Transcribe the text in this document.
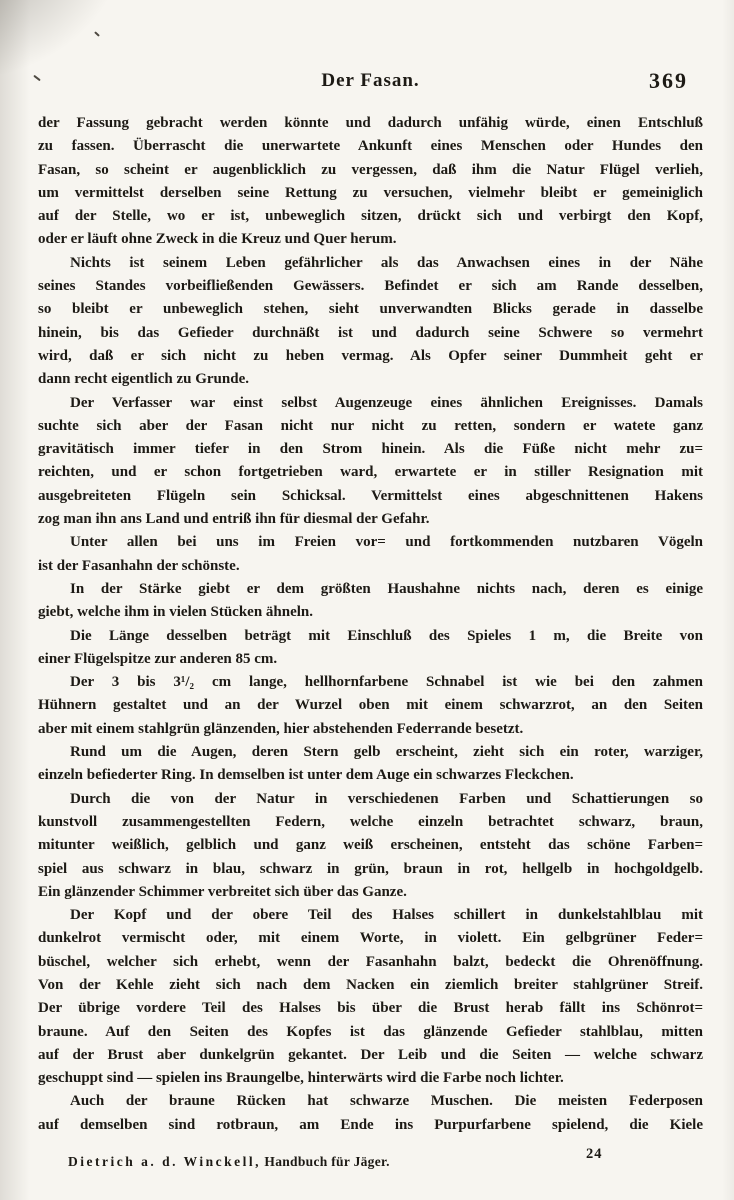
Der Fasan.	369
der Fassung gebracht werden könnte und dadurch unfähig würde, einen Entschluß
zu fassen. Überrascht die unerwartete Ankunft eines Menschen oder Hundes den
Fasan, so scheint er augenblicklich zu vergessen, daß ihm die Natur Flügel verlieh,
um vermittelst derselben seine Rettung zu versuchen, vielmehr bleibt er gemeiniglich
auf der Stelle, wo er ist, unbeweglich sitzen, drückt sich und verbirgt den Kopf,
oder er läuft ohne Zweck in die Kreuz und Quer herum.
Nichts ist seinem Leben gefährlicher als das Anwachsen eines in der Nähe
seines Standes vorbeifließenden Gewässers. Befindet er sich am Rande desselben,
so bleibt er unbeweglich stehen, sieht unverwandten Blicks gerade in dasselbe
hinein, bis das Gefieder durchnäßt ist und dadurch seine Schwere so vermehrt
wird, daß er sich nicht zu heben vermag. Als Opfer seiner Dummheit geht er
dann recht eigentlich zu Grunde.
Der Verfasser war einst selbst Augenzeuge eines ähnlichen Ereignisses. Damals
suchte sich aber der Fasan nicht nur nicht zu retten, sondern er watete ganz
gravitätisch immer tiefer in den Strom hinein. Als die Füße nicht mehr zu=
reichten, und er schon fortgetrieben ward, erwartete er in stiller Resignation mit
ausgebreiteten Flügeln sein Schicksal. Vermittelst eines abgeschnittenen Hakens
zog man ihn ans Land und entriß ihn für diesmal der Gefahr.
Unter allen bei uns im Freien vor= und fortkommenden nutzbaren Vögeln
ist der Fasanhahn der schönste.
In der Stärke giebt er dem größten Haushahne nichts nach, deren es einige
giebt, welche ihm in vielen Stücken ähneln.
Die Länge desselben beträgt mit Einschluß des Spieles 1 m, die Breite von
einer Flügelspitze zur anderen 85 cm.
Der 3 bis 3¹/₂ cm lange, hellhornfarbene Schnabel ist wie bei den zahmen
Hühnern gestaltet und an der Wurzel oben mit einem schwarzrot, an den Seiten
aber mit einem stahlgrün glänzenden, hier abstehenden Federrande besetzt.
Rund um die Augen, deren Stern gelb erscheint, zieht sich ein roter, warziger,
einzeln befiederter Ring. In demselben ist unter dem Auge ein schwarzes Fleckchen.
Durch die von der Natur in verschiedenen Farben und Schattierungen so
kunstvoll zusammengestellten Federn, welche einzeln betrachtet schwarz, braun,
mitunter weißlich, gelblich und ganz weiß erscheinen, entsteht das schöne Farben=
spiel aus schwarz in blau, schwarz in grün, braun in rot, hellgelb in hochgoldgelb.
Ein glänzender Schimmer verbreitet sich über das Ganze.
Der Kopf und der obere Teil des Halses schillert in dunkelstahlblau mit
dunkelrot vermischt oder, mit einem Worte, in violett. Ein gelbgrüner Feder=
büschel, welcher sich erhebt, wenn der Fasanhahn balzt, bedeckt die Ohrenöffnung.
Von der Kehle zieht sich nach dem Nacken ein ziemlich breiter stahlgrüner Streif.
Der übrige vordere Teil des Halses bis über die Brust herab fällt ins Schönrot=
braune. Auf den Seiten des Kopfes ist das glänzende Gefieder stahlblau, mitten
auf der Brust aber dunkelgrün gekantet. Der Leib und die Seiten — welche schwarz
geschuppt sind — spielen ins Braungelbe, hinterwärts wird die Farbe noch lichter.
Auch der braune Rücken hat schwarze Muschen. Die meisten Federposen
auf demselben sind rotbraun, am Ende ins Purpurfarbene spielend, die Kiele
Dietrich a. d. Winckell, Handbuch für Jäger.	24
